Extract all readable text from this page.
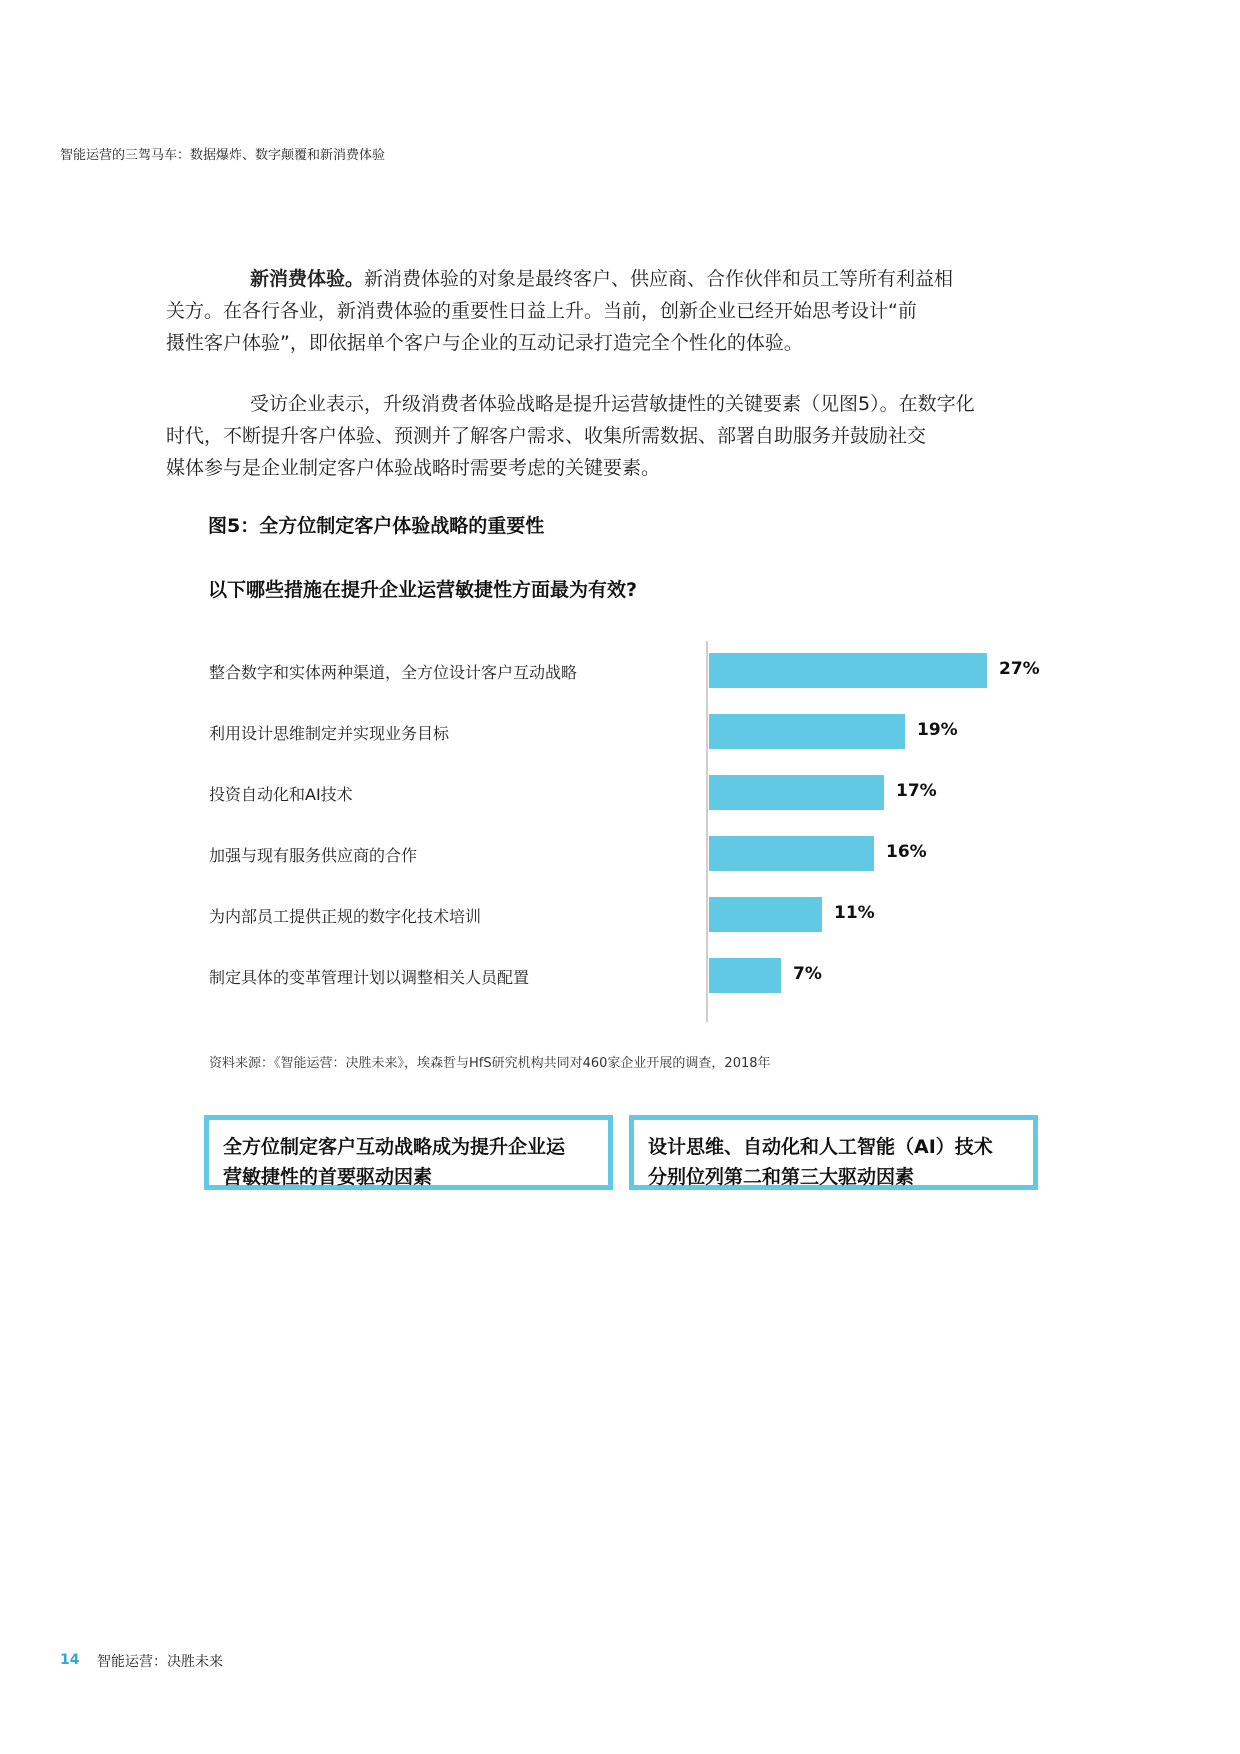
智能运营的三驾马车：数据爆炸、数字颠覆和新消费体验

新消费体验。新消费体验的对象是最终客户、供应商、合作伙伴和员工等所有利益相
关方。在各行各业，新消费体验的重要性日益上升。当前，创新企业已经开始思考设计“前
摄性客户体验”，即依据单个客户与企业的互动记录打造完全个性化的体验。

受访企业表示，升级消费者体验战略是提升运营敏捷性的关键要素（见图5）。在数字化
时代，不断提升客户体验、预测并了解客户需求、收集所需数据、部署自助服务并鼓励社交
媒体参与是企业制定客户体验战略时需要考虑的关键要素。

图5：全方位制定客户体验战略的重要性
以下哪些措施在提升企业运营敏捷性方面最为有效?
整合数字和实体两种渠道，全方位设计客户互动战略	27%
利用设计思维制定并实现业务目标	19%
投资自动化和AI技术	17%
加强与现有服务供应商的合作	16%
为内部员工提供正规的数字化技术培训	11%
制定具体的变革管理计划以调整相关人员配置	7%
资料来源：《智能运营：决胜未来》，埃森哲与HfS研究机构共同对460家企业开展的调查，2018年
全方位制定客户互动战略成为提升企业运
营敏捷性的首要驱动因素
设计思维、自动化和人工智能（AI）技术
分别位列第二和第三大驱动因素
14 智能运营：决胜未来
